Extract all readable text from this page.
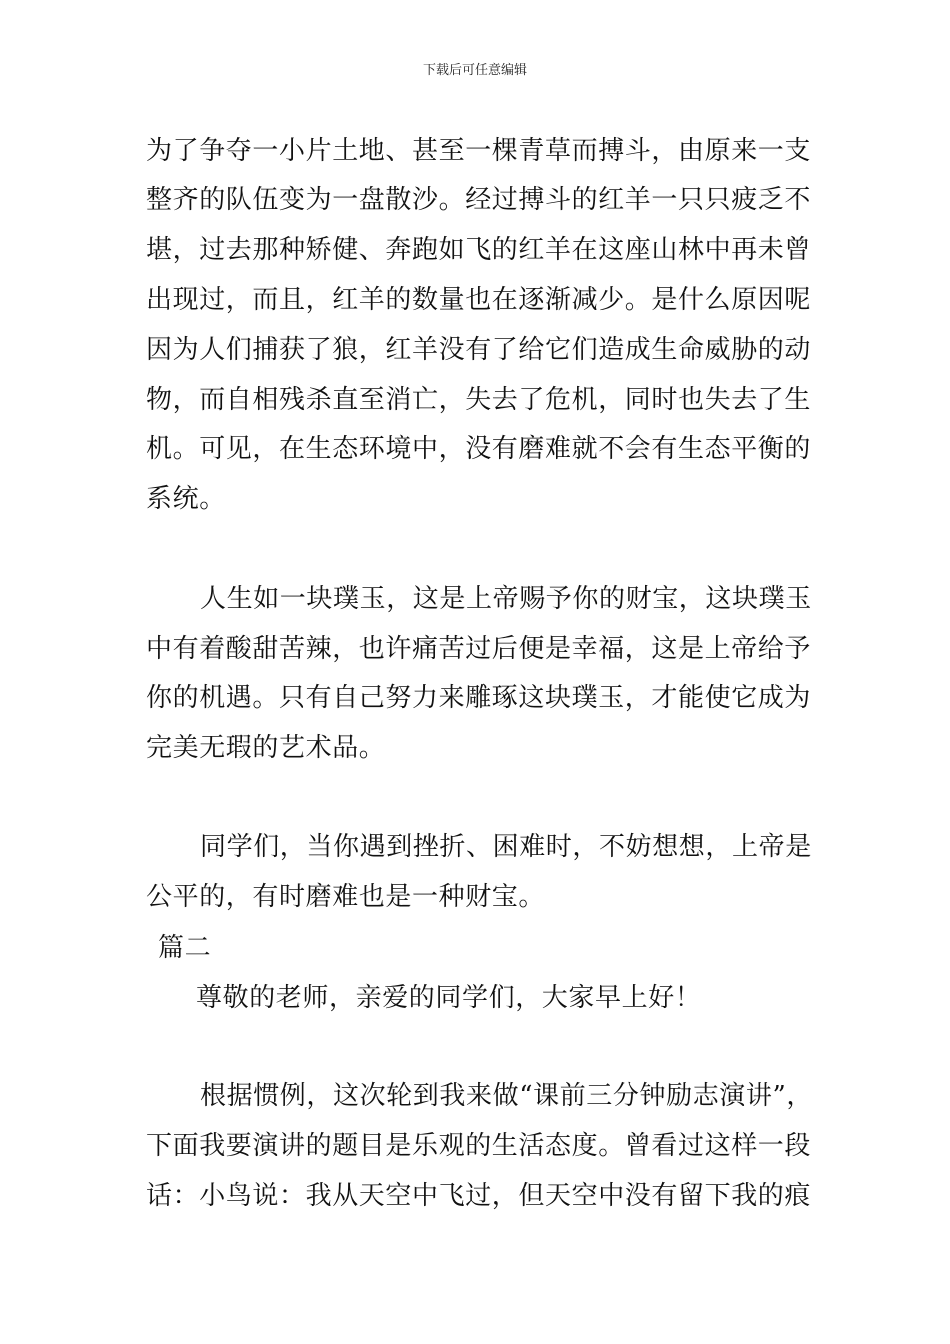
下载后可任意编辑
为了争夺一小片土地、甚至一棵青草而搏斗，由原来一支
整齐的队伍变为一盘散沙。经过搏斗的红羊一只只疲乏不
堪，过去那种矫健、奔跑如飞的红羊在这座山林中再未曾
出现过，而且，红羊的数量也在逐渐减少。是什么原因呢
因为人们捕获了狼，红羊没有了给它们造成生命威胁的动
物，而自相残杀直至消亡，失去了危机，同时也失去了生
机。可见，在生态环境中，没有磨难就不会有生态平衡的
系统。
人生如一块璞玉，这是上帝赐予你的财宝，这块璞玉
中有着酸甜苦辣，也许痛苦过后便是幸福，这是上帝给予
你的机遇。只有自己努力来雕琢这块璞玉，才能使它成为
完美无瑕的艺术品。
同学们，当你遇到挫折、困难时，不妨想想，上帝是
公平的，有时磨难也是一种财宝。
篇二
尊敬的老师，亲爱的同学们，大家早上好！
根据惯例，这次轮到我来做“课前三分钟励志演讲”，
下面我要演讲的题目是乐观的生活态度。曾看过这样一段
话：小鸟说：我从天空中飞过，但天空中没有留下我的痕
